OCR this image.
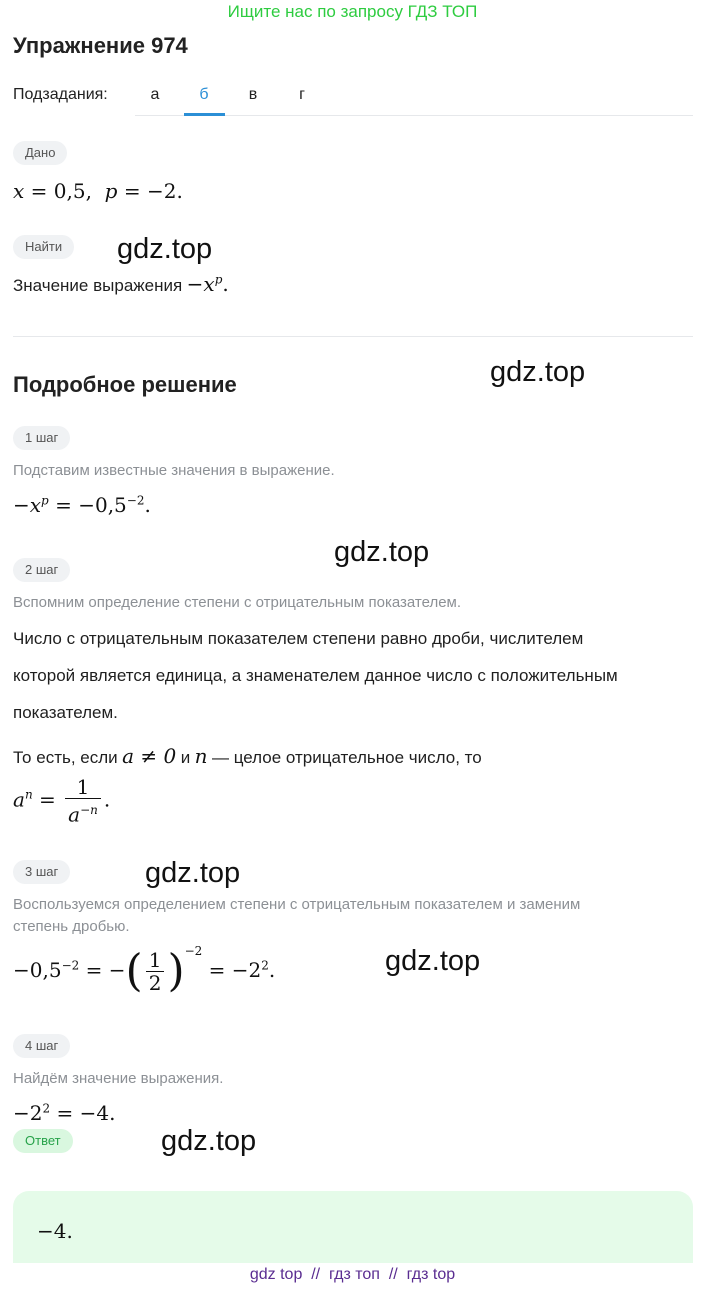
Ищите нас по запросу ГДЗ ТОП
Упражнение 974
Подзадания:	а	б	в	г
Дано
x = 0,5, p = −2.
Найти
Значение выражения $-x^p$.
Подробное решение
1 шаг
Подставим известные значения в выражение.
$-x^p = -0,5^{-2}$.
2 шаг
Вспомним определение степени с отрицательным показателем.
Число с отрицательным показателем степени равно дроби, числителем
которой является единица, а знаменателем данное число с положительным
показателем.
То есть, если a ≠ 0 и n — целое отрицательное число, то
$a^n = \frac{1}{a^{-n}}$ .
3 шаг
Воспользуемся определением степени с отрицательным показателем и заменим
степень дробью.
$-0,5^{-2}$ = −( $\frac{1}{2} )^{-2} = -2^2$.
4 шаг
Найдём значение выражения.
$-2^2 = -4$.
Ответ
−4.
gdz.top
gdz.top
gdz.top
gdz.top
gdz.top
gdz.top
gdz top // гдз топ // гдз top
